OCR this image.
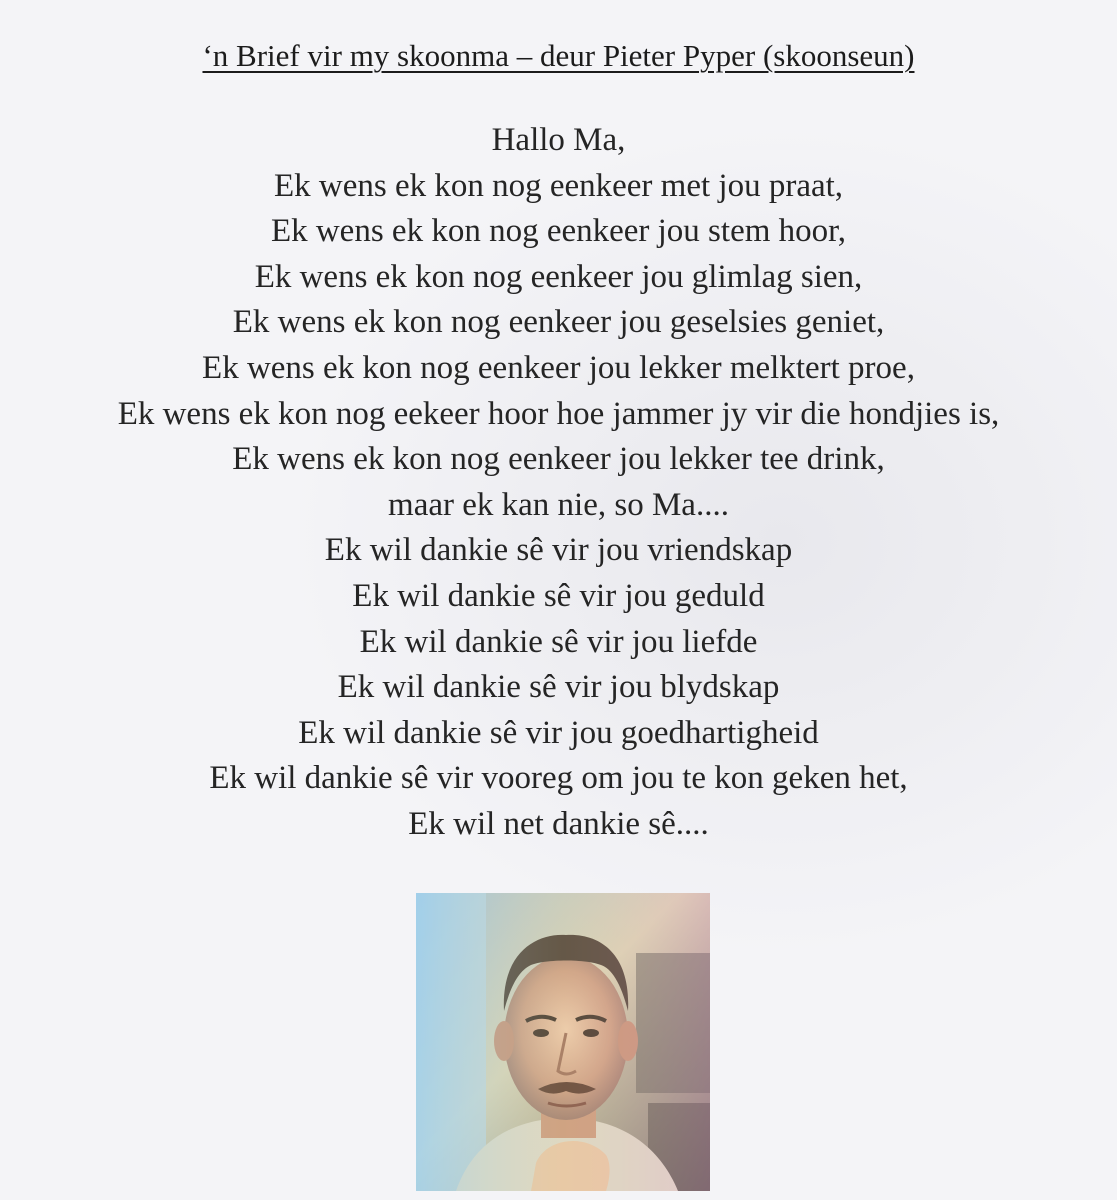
‘n Brief vir my skoonma – deur Pieter Pyper (skoonseun)
Hallo Ma,
Ek wens ek kon nog eenkeer met jou praat,
Ek wens ek kon nog eenkeer jou stem hoor,
Ek wens ek kon nog eenkeer jou glimlag sien,
Ek wens ek kon nog eenkeer jou geselsies geniet,
Ek wens ek kon nog eenkeer jou lekker melktert proe,
Ek wens ek kon nog eekeer hoor hoe jammer jy vir die hondjies is,
Ek wens ek kon nog eenkeer jou lekker tee drink,
maar ek kan nie, so Ma....
Ek wil dankie sê vir jou vriendskap
Ek wil dankie sê vir jou geduld
Ek wil dankie sê vir jou liefde
Ek wil dankie sê vir jou blydskap
Ek wil dankie sê vir jou goedhartigheid
Ek wil dankie sê vir vooreg om jou te kon geken het,
Ek wil net dankie sê....
